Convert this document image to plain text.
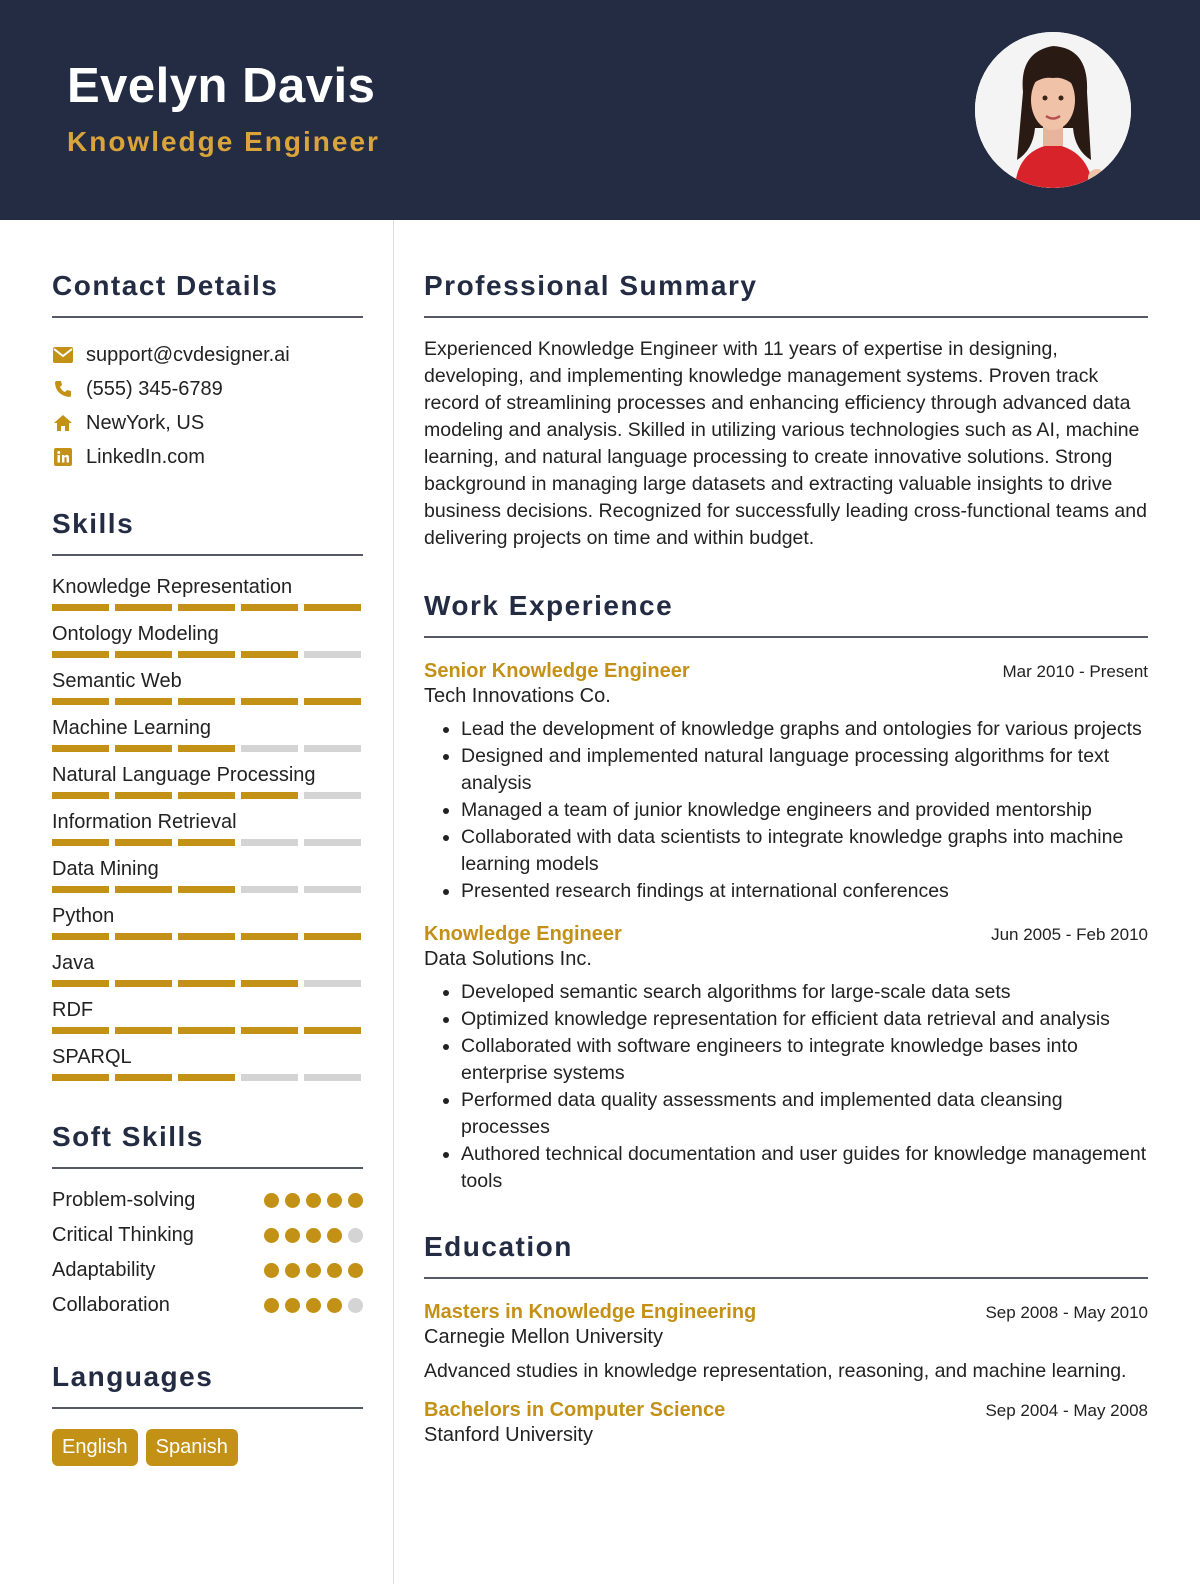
Evelyn Davis
Knowledge Engineer
Contact Details
support@cvdesigner.ai
(555) 345-6789
NewYork, US
LinkedIn.com
Skills
Knowledge Representation
Ontology Modeling
Semantic Web
Machine Learning
Natural Language Processing
Information Retrieval
Data Mining
Python
Java
RDF
SPARQL
Soft Skills
Problem-solving
Critical Thinking
Adaptability
Collaboration
Languages
English	Spanish
Professional Summary

Experienced Knowledge Engineer with 11 years of expertise in designing, developing, and implementing knowledge management systems. Proven track record of streamlining processes and enhancing efficiency through advanced data modeling and analysis. Skilled in utilizing various technologies such as AI, machine learning, and natural language processing to create innovative solutions. Strong background in managing large datasets and extracting valuable insights to drive business decisions. Recognized for successfully leading cross-functional teams and delivering projects on time and within budget.

Work Experience
Senior Knowledge Engineer	Mar 2010 - Present
Tech Innovations Co.
• Lead the development of knowledge graphs and ontologies for various projects
• Designed and implemented natural language processing algorithms for text analysis
• Managed a team of junior knowledge engineers and provided mentorship
• Collaborated with data scientists to integrate knowledge graphs into machine learning models
• Presented research findings at international conferences
Knowledge Engineer	Jun 2005 - Feb 2010
Data Solutions Inc.
• Developed semantic search algorithms for large-scale data sets
• Optimized knowledge representation for efficient data retrieval and analysis
• Collaborated with software engineers to integrate knowledge bases into enterprise systems
• Performed data quality assessments and implemented data cleansing processes
• Authored technical documentation and user guides for knowledge management tools
Education
Masters in Knowledge Engineering	Sep 2008 - May 2010
Carnegie Mellon University
Advanced studies in knowledge representation, reasoning, and machine learning.
Bachelors in Computer Science	Sep 2004 - May 2008
Stanford University
